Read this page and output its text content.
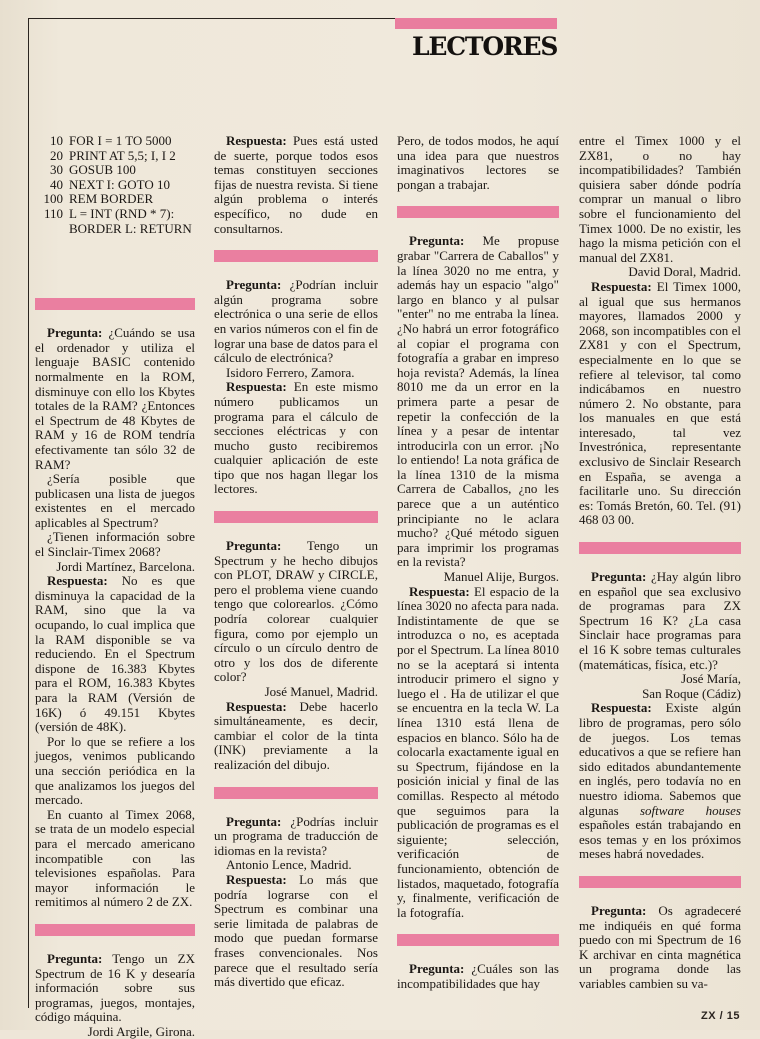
LECTORES
10 FOR I = 1 TO 5000
20 PRINT AT 5,5; I, I 2
30 GOSUB 100
40 NEXT I: GOTO 10
100 REM BORDER
110 L = INT (RND * 7):
BORDER L: RETURN

Pregunta: ¿Cuándo se usa el ordenador y utiliza el lenguaje BASIC contenido normalmente en la ROM, disminuye con ello los Kbytes totales de la RAM? ¿Entonces el Spectrum de 48 Kbytes de RAM y 16 de ROM tendría efectivamente tan sólo 32 de RAM?

¿Sería posible que publicasen una lista de juegos existentes en el mercado aplicables al Spectrum?

¿Tienen información sobre el Sinclair-Timex 2068?

Jordi Martínez, Barcelona.

Respuesta: No es que disminuya la capacidad de la RAM, sino que la va ocupando, lo cual implica que la RAM disponible se va reduciendo. En el Spectrum dispone de 16.383 Kbytes para el ROM, 16.383 Kbytes para la RAM (Versión de 16K) ó 49.151 Kbytes (versión de 48K).

Por lo que se refiere a los juegos, venimos publicando una sección periódica en la que analizamos los juegos del mercado.

En cuanto al Timex 2068, se trata de un modelo especial para el mercado americano incompatible con las televisiones españolas. Para mayor información le remitimos al número 2 de ZX.

Pregunta: Tengo un ZX Spectrum de 16 K y desearía información sobre sus programas, juegos, montajes, código máquina.

Jordi Argile, Girona.

Respuesta: Pues está usted de suerte, porque todos esos temas constituyen secciones fijas de nuestra revista. Si tiene algún problema o interés específico, no dude en consultarnos.

Pregunta: ¿Podrían incluir algún programa sobre electrónica o una serie de ellos en varios números con el fin de lograr una base de datos para el cálculo de electrónica?

Isidoro Ferrero, Zamora.

Respuesta: En este mismo número publicamos un programa para el cálculo de secciones eléctricas y con mucho gusto recibiremos cualquier aplicación de este tipo que nos hagan llegar los lectores.

Pregunta: Tengo un Spectrum y he hecho dibujos con PLOT, DRAW y CIRCLE, pero el problema viene cuando tengo que colorearlos. ¿Cómo podría colorear cualquier figura, como por ejemplo un círculo o un círculo dentro de otro y los dos de diferente color?

José Manuel, Madrid.

Respuesta: Debe hacerlo simultáneamente, es decir, cambiar el color de la tinta (INK) previamente a la realización del dibujo.

Pregunta: ¿Podrías incluir un programa de traducción de idiomas en la revista?

Antonio Lence, Madrid.

Respuesta: Lo más que podría lograrse con el Spectrum es combinar una serie limitada de palabras de modo que puedan formarse frases convencionales. Nos parece que el resultado sería más divertido que eficaz.

Pero, de todos modos, he aquí una idea para que nuestros imaginativos lectores se pongan a trabajar.

Pregunta: Me propuse grabar "Carrera de Caballos" y la línea 3020 no me entra, y además hay un espacio "algo" largo en blanco y al pulsar "enter" no me entraba la línea. ¿No habrá un error fotográfico al copiar el programa con fotografía a grabar en impreso hoja revista? Además, la línea 8010 me da un error en la primera parte a pesar de repetir la confección de la línea y a pesar de intentar introducirla con un error. ¡No lo entiendo! La nota gráfica de la línea 1310 de la misma Carrera de Caballos, ¿no les parece que a un auténtico principiante no le aclara mucho? ¿Qué método siguen para imprimir los programas en la revista?

Manuel Alije, Burgos.

Respuesta: El espacio de la línea 3020 no afecta para nada. Indistintamente de que se introduzca o no, es aceptada por el Spectrum. La línea 8010 no se la aceptará si intenta introducir primero el signo y luego el . Ha de utilizar el que se encuentra en la tecla W. La línea 1310 está llena de espacios en blanco. Sólo ha de colocarla exactamente igual en su Spectrum, fijándose en la posición inicial y final de las comillas. Respecto al método que seguimos para la publicación de programas es el siguiente; selección, verificación de funcionamiento, obtención de listados, maquetado, fotografía y, finalmente, verificación de la fotografía.

Pregunta: ¿Cuáles son las incompatibilidades que hay

entre el Timex 1000 y el ZX81, o no hay incompatibilidades? También quisiera saber dónde podría comprar un manual o libro sobre el funcionamiento del Timex 1000. De no existir, les hago la misma petición con el manual del ZX81.

David Doral, Madrid.

Respuesta: El Timex 1000, al igual que sus hermanos mayores, llamados 2000 y 2068, son incompatibles con el ZX81 y con el Spectrum, especialmente en lo que se refiere al televisor, tal como indicábamos en nuestro número 2. No obstante, para los manuales en que está interesado, tal vez Investrónica, representante exclusivo de Sinclair Research en España, se avenga a facilitarle uno. Su dirección es: Tomás Bretón, 60. Tel. (91) 468 03 00.

Pregunta: ¿Hay algún libro en español que sea exclusivo de programas para ZX Spectrum 16 K? ¿La casa Sinclair hace programas para el 16 K sobre temas culturales (matemáticas, física, etc.)?

José María,

San Roque (Cádiz)

Respuesta: Existe algún libro de programas, pero sólo de juegos. Los temas educativos a que se refiere han sido editados abundantemente en inglés, pero todavía no en nuestro idioma. Sabemos que algunas software houses españoles están trabajando en esos temas y en los próximos meses habrá novedades.

Pregunta: Os agradeceré me indiquéis en qué forma puedo con mi Spectrum de 16 K archivar en cinta magnética un programa donde las variables cambien su va-

ZX / 15
